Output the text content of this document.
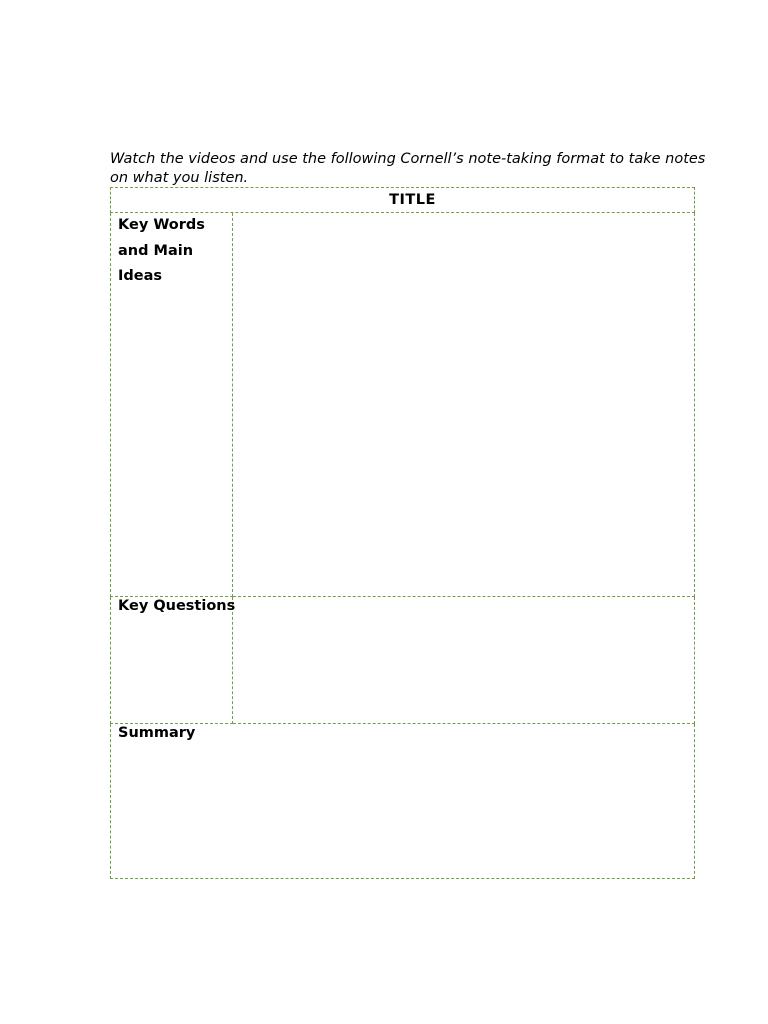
Watch the videos and use the following Cornell’s note-taking format to take notes on what you listen.

TITLE
Key Words and Main Ideas
Key Questions
Summary
